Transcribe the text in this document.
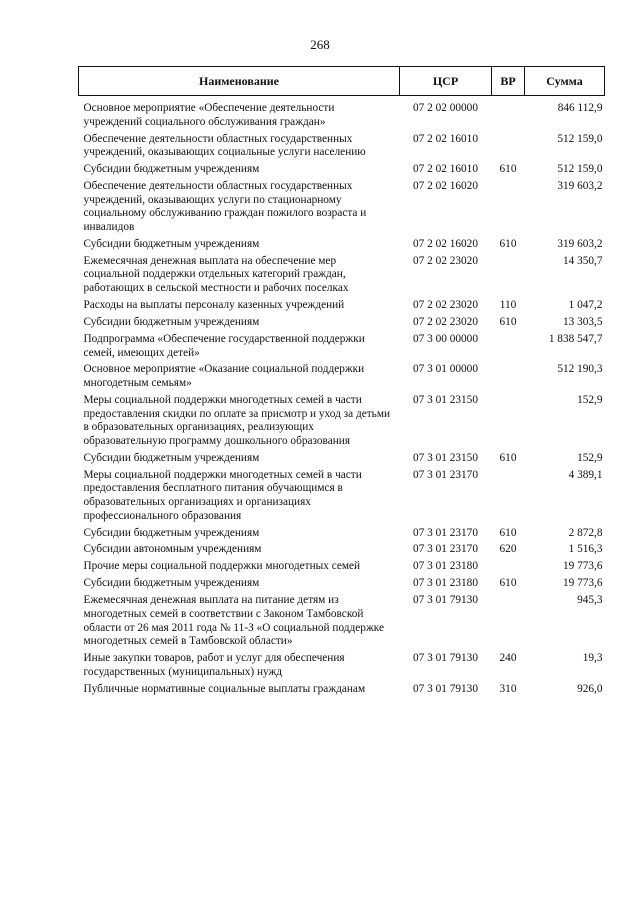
268
Наименование	ЦСР	ВР	Сумма
Основное мероприятие «Обеспечение деятельности учреждений социального обслуживания граждан»	07 2 02 00000		846 112,9
Обеспечение деятельности областных государственных учреждений, оказывающих социальные услуги населению	07 2 02 16010		512 159,0
Субсидии бюджетным учреждениям	07 2 02 16010	610	512 159,0
Обеспечение деятельности областных государственных учреждений, оказывающих услуги по стационарному социальному обслуживанию граждан пожилого возраста и инвалидов	07 2 02 16020		319 603,2
Субсидии бюджетным учреждениям	07 2 02 16020	610	319 603,2
Ежемесячная денежная выплата на обеспечение мер социальной поддержки отдельных категорий граждан, работающих в сельской местности и рабочих поселках	07 2 02 23020		14 350,7
Расходы на выплаты персоналу казенных учреждений	07 2 02 23020	110	1 047,2
Субсидии бюджетным учреждениям	07 2 02 23020	610	13 303,5
Подпрограмма «Обеспечение государственной поддержки семей, имеющих детей»	07 3 00 00000		1 838 547,7
Основное мероприятие «Оказание социальной поддержки многодетным семьям»	07 3 01 00000		512 190,3
Меры социальной поддержки многодетных семей в части предоставления скидки по оплате за присмотр и уход за детьми в образовательных организациях, реализующих образовательную программу дошкольного образования	07 3 01 23150		152,9
Субсидии бюджетным учреждениям	07 3 01 23150	610	152,9
Меры социальной поддержки многодетных семей в части предоставления бесплатного питания обучающимся в образовательных организациях и организациях профессионального образования	07 3 01 23170		4 389,1
Субсидии бюджетным учреждениям	07 3 01 23170	610	2 872,8
Субсидии автономным учреждениям	07 3 01 23170	620	1 516,3
Прочие меры социальной поддержки многодетных семей	07 3 01 23180		19 773,6
Субсидии бюджетным учреждениям	07 3 01 23180	610	19 773,6
Ежемесячная денежная выплата на питание детям из многодетных семей в соответствии с Законом Тамбовской области от 26 мая 2011 года № 11-З «О социальной поддержке многодетных семей в Тамбовской области»	07 3 01 79130		945,3
Иные закупки товаров, работ и услуг для обеспечения государственных (муниципальных) нужд	07 3 01 79130	240	19,3
Публичные нормативные социальные выплаты гражданам	07 3 01 79130	310	926,0
